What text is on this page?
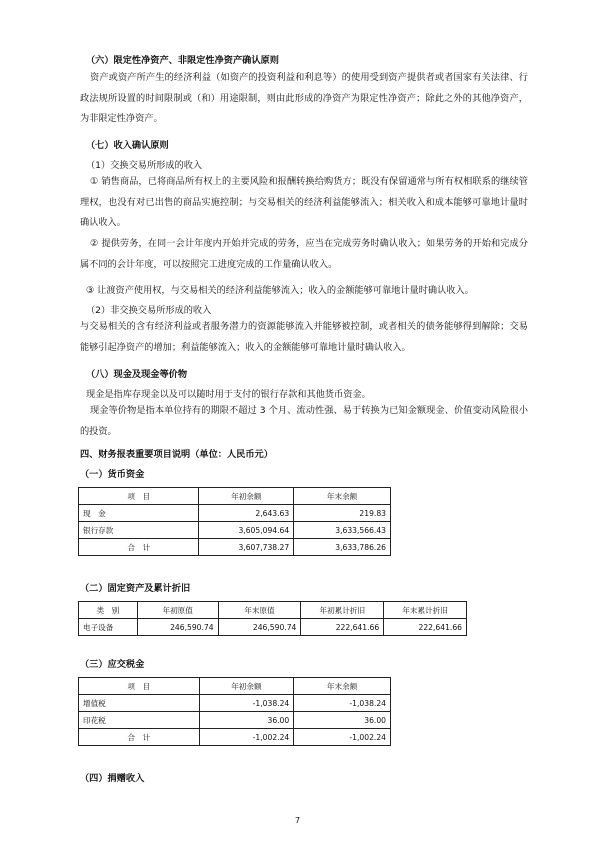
（六）限定性净资产、非限定性净资产确认原则
资产或资产所产生的经济利益（如资产的投资利益和利息等）的使用受到资产提供者或者国家有关法律、行政法规所设置的时间限制或（和）用途限制，则由此形成的净资产为限定性净资产；除此之外的其他净资产，为非限定性净资产。
（七）收入确认原则
（1）交换交易所形成的收入
① 销售商品，已将商品所有权上的主要风险和报酬转换给购货方；既没有保留通常与所有权相联系的继续管理权，也没有对已出售的商品实施控制；与交易相关的经济利益能够流入；相关收入和成本能够可靠地计量时确认收入。
② 提供劳务，在同一会计年度内开始并完成的劳务，应当在完成劳务时确认收入；如果劳务的开始和完成分属不同的会计年度，可以按照完工进度完成的工作量确认收入。
③ 让渡资产使用权，与交易相关的经济利益能够流入；收入的金额能够可靠地计量时确认收入。
（2）非交换交易所形成的收入
与交易相关的含有经济利益或者服务潜力的资源能够流入并能够被控制，或者相关的债务能够得到解除；交易能够引起净资产的增加；利益能够流入；收入的金额能够可靠地计量时确认收入。
（八）现金及现金等价物
现金是指库存现金以及可以随时用于支付的银行存款和其他货币资金。
现金等价物是指本单位持有的期限不超过 3 个月、流动性强、易于转换为已知金额现金、价值变动风险很小的投资。
四、财务报表重要项目说明（单位：人民币元）
（一）货币资金
项　目	年初余额	年末余额
现　金	2,643.63	219.83
银行存款	3,605,094.64	3,633,566.43
合　计	3,607,738.27	3,633,786.26
（二）固定资产及累计折旧
类　别	年初原值	年末原值	年初累计折旧	年末累计折旧
电子设备	246,590.74	246,590.74	222,641.66	222,641.66
（三）应交税金
项　目	年初余额	年末余额
增值税	-1,038.24	-1,038.24
印花税	36.00	36.00
合　计	-1,002.24	-1,002.24
（四）捐赠收入
7
